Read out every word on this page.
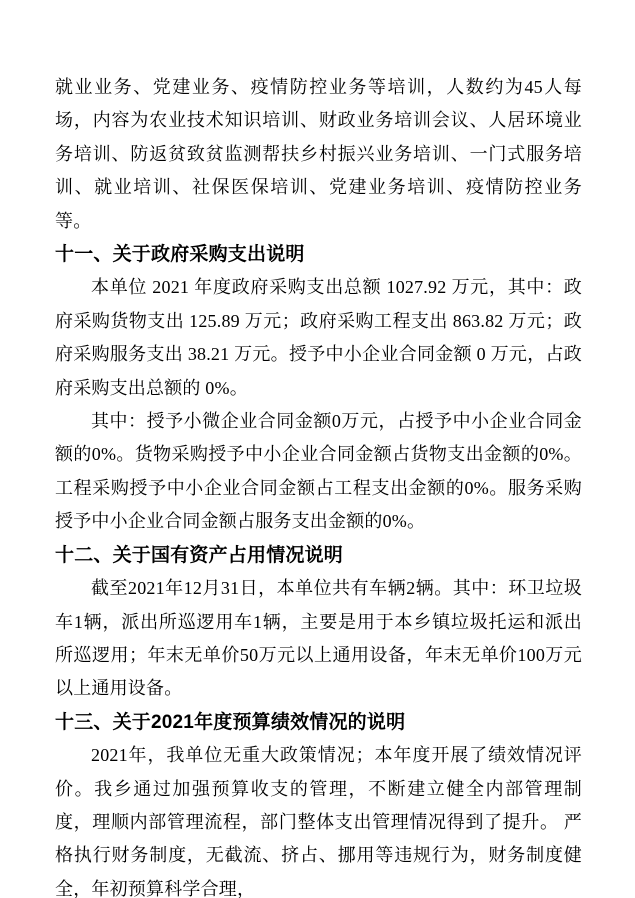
就业业务、党建业务、疫情防控业务等培训，人数约为45人每场，内容为农业技术知识培训、财政业务培训会议、人居环境业务培训、防返贫致贫监测帮扶乡村振兴业务培训、一门式服务培训、就业培训、社保医保培训、党建业务培训、疫情防控业务等。

十一、关于政府采购支出说明

本单位 2021 年度政府采购支出总额 1027.92 万元，其中：政府采购货物支出 125.89 万元；政府采购工程支出 863.82 万元；政府采购服务支出 38.21 万元。授予中小企业合同金额 0 万元，占政府采购支出总额的 0%。

其中：授予小微企业合同金额0万元，占授予中小企业合同金额的0%。货物采购授予中小企业合同金额占货物支出金额的0%。工程采购授予中小企业合同金额占工程支出金额的0%。服务采购授予中小企业合同金额占服务支出金额的0%。

十二、关于国有资产占用情况说明

截至2021年12月31日，本单位共有车辆2辆。其中：环卫垃圾车1辆，派出所巡逻用车1辆，主要是用于本乡镇垃圾托运和派出所巡逻用；年末无单价50万元以上通用设备，年末无单价100万元以上通用设备。

十三、关于2021年度预算绩效情况的说明

2021年，我单位无重大政策情况；本年度开展了绩效情况评价。我乡通过加强预算收支的管理，不断建立健全内部管理制度，理顺内部管理流程，部门整体支出管理情况得到了提升。 严格执行财务制度，无截流、挤占、挪用等违规行为，财务制度健全，年初预算科学合理，
